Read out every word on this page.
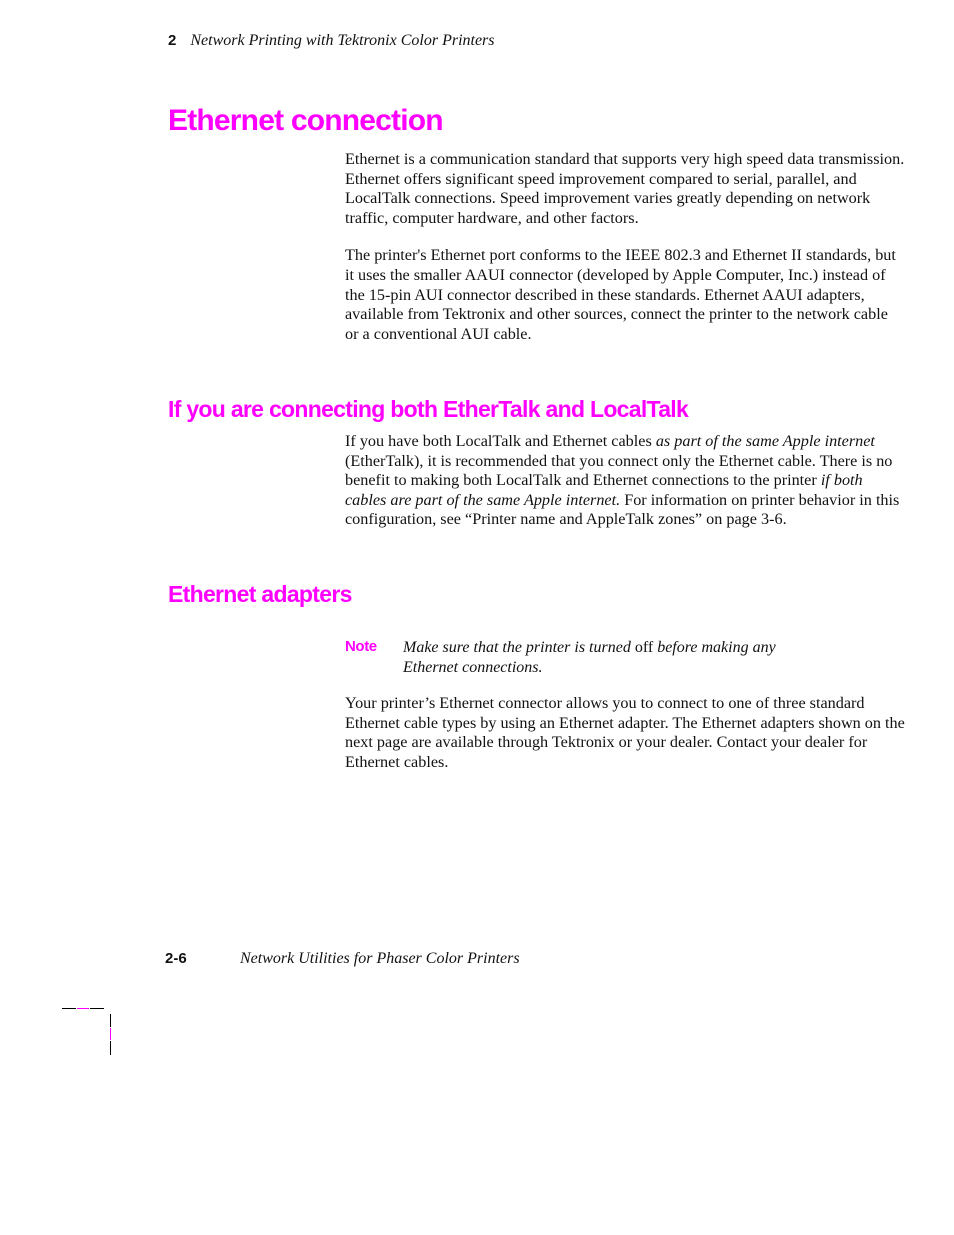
2 Network Printing with Tektronix Color Printers
Ethernet connection

Ethernet is a communication standard that supports very high speed data transmission. Ethernet offers significant speed improvement compared to serial, parallel, and LocalTalk connections. Speed improvement varies greatly depending on network traffic, computer hardware, and other factors.

The printer's Ethernet port conforms to the IEEE 802.3 and Ethernet II standards, but it uses the smaller AAUI connector (developed by Apple Computer, Inc.) instead of the 15-pin AUI connector described in these standards. Ethernet AAUI adapters, available from Tektronix and other sources, connect the printer to the network cable or a conventional AUI cable.

If you are connecting both EtherTalk and LocalTalk

If you have both LocalTalk and Ethernet cables as part of the same Apple internet (EtherTalk), it is recommended that you connect only the Ethernet cable. There is no benefit to making both LocalTalk and Ethernet connections to the printer if both cables are part of the same Apple internet. For information on printer behavior in this configuration, see “Printer name and AppleTalk zones” on page 3-6.

Ethernet adapters
Note Make sure that the printer is turned off before making any Ethernet connections.

Your printer’s Ethernet connector allows you to connect to one of three standard Ethernet cable types by using an Ethernet adapter. The Ethernet adapters shown on the next page are available through Tektronix or your dealer. Contact your dealer for Ethernet cables.

2-6	Network Utilities for Phaser Color Printers
